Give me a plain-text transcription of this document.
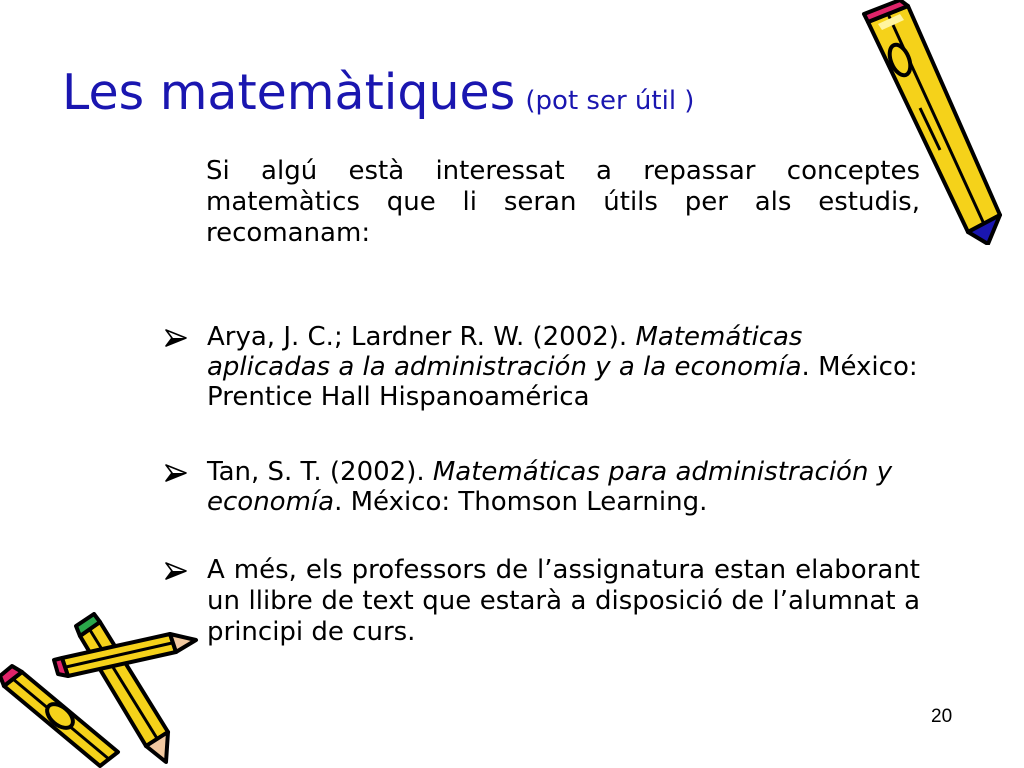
Les matemàtiques (pot ser útil )

Si algú està interessat a repassar conceptes matemàtics que li seran útils per als estudis, recomanam:

Arya, J. C.; Lardner R. W. (2002). Matemáticas aplicadas a la administración y a la economía. México: Prentice Hall Hispanoamérica
Tan, S. T. (2002). Matemáticas para administración y economía. México: Thomson Learning.
A més, els professors de l’assignatura estan elaborant un llibre de text que estarà a disposició de l’alumnat a principi de curs.
20
